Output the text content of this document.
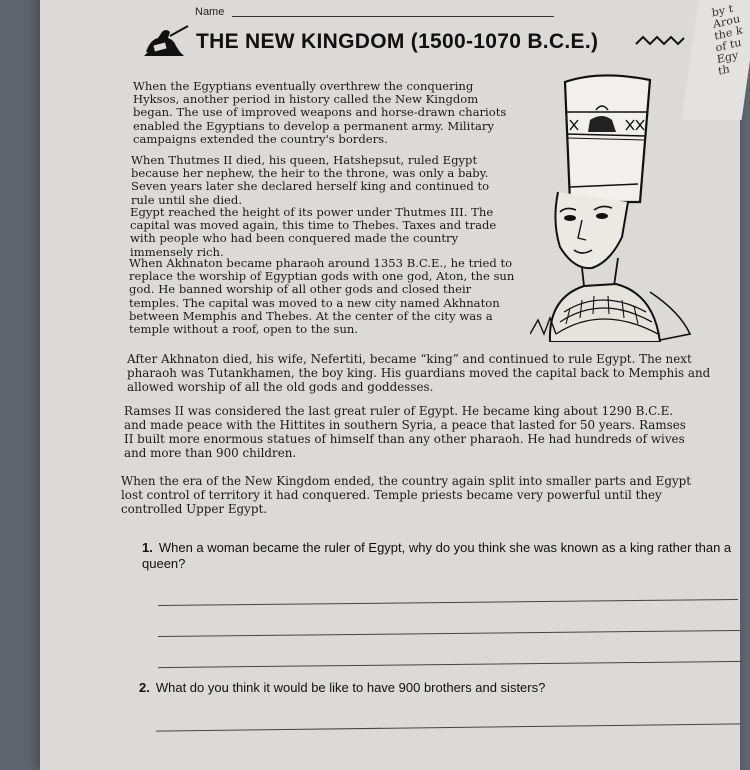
by t
Arou
the k
of tu
Egy
th
Name
THE NEW KINGDOM (1500-1070 B.C.E.)

When the Egyptians eventually overthrew the conquering Hyksos, another period in history called the New Kingdom began. The use of improved weapons and horse-drawn chariots enabled the Egyptians to develop a permanent army. Military campaigns extended the country's borders.

When Thutmes II died, his queen, Hatshepsut, ruled Egypt because her nephew, the heir to the throne, was only a baby. Seven years later she declared herself king and continued to rule until she died.

Egypt reached the height of its power under Thutmes III. The capital was moved again, this time to Thebes. Taxes and trade with people who had been conquered made the country immensely rich.

When Akhnaton became pharaoh around 1353 B.C.E., he tried to replace the worship of Egyptian gods with one god, Aton, the sun god. He banned worship of all other gods and closed their temples. The capital was moved to a new city named Akhnaton between Memphis and Thebes. At the center of the city was a temple without a roof, open to the sun.

After Akhnaton died, his wife, Nefertiti, became “king” and continued to rule Egypt. The next pharaoh was Tutankhamen, the boy king. His guardians moved the capital back to Memphis and allowed worship of all the old gods and goddesses.

Ramses II was considered the last great ruler of Egypt. He became king about 1290 B.C.E. and made peace with the Hittites in southern Syria, a peace that lasted for 50 years. Ramses II built more enormous statues of himself than any other pharaoh. He had hundreds of wives and more than 900 children.

When the era of the New Kingdom ended, the country again split into smaller parts and Egypt lost control of territory it had conquered. Temple priests became very powerful until they controlled Upper Egypt.

1. When a woman became the ruler of Egypt, why do you think she was known as a king rather than a queen?
2. What do you think it would be like to have 900 brothers and sisters?
